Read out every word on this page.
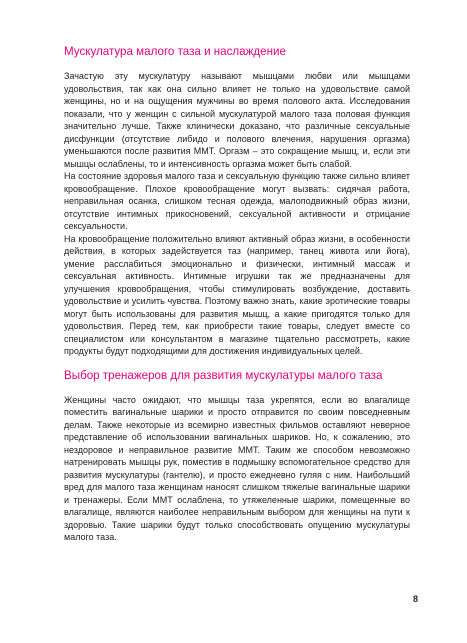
Мускулатура малого таза и наслаждение

Зачастую эту мускулатуру называют мышцами любви или мышцами удовольствия, так как она сильно влияет не только на удовольствие самой женщины, но и на ощущения мужчины во время полового акта. Исследования показали, что у женщин с сильной мускулатурой малого таза половая функция значительно лучше. Также клинически доказано, что различные сексуальные дисфункции (отсутствие либидо и полового влечения, нарушения оргазма) уменьшаются после развития ММТ. Оргазм – это сокращение мышц, и, если эти мышцы ослаблены, то и интенсивность оргазма может быть слабой.

На состояние здоровья малого таза и сексуальную функцию также сильно влияет кровообращение. Плохое кровообращение могут вызвать: сидячая работа, неправильная осанка, слишком тесная одежда, малоподвижный образ жизни, отсутствие интимных прикосновений, сексуальной активности и отрицание сексуальности.

На кровообращение положительно влияют активный образ жизни, в особенности действия, в которых задействуется таз (например, танец живота или йога), умение расслабиться эмоционально и физически, интимный массаж и сексуальная активность. Интимные игрушки так же предназначены для улучшения кровообращения, чтобы стимулировать возбуждение, доставить удовольствие и усилить чувства. Поэтому важно знать, какие эротические товары могут быть использованы для развития мышц, а какие пригодятся только для удовольствия. Перед тем, как приобрести такие товары, следует вместе со специалистом или консультантом в магазине тщательно рассмотреть, какие продукты будут подходящими для достижения индивидуальных целей.

Выбор тренажеров для развития мускулатуры малого таза

Женщины часто ожидают, что мышцы таза укрепятся, если во влагалище поместить вагинальные шарики и просто отправится по своим повседневным делам. Также некоторые из всемирно известных фильмов оставляют неверное представление об использовании вагинальных шариков. Но, к сожалению, это нездоровое и неправильное развитие ММТ. Таким же способом невозможно натренировать мышцы рук, поместив в подмышку вспомогательное средство для развития мускулатуры (гантелю), и просто ежедневно гуляя с ним. Наибольший вред для малого таза женщинам наносят слишком тяжелые вагинальные шарики и тренажеры. Если ММТ ослаблена, то утяжеленные шарики, помещенные во влагалище, являются наиболее неправильным выбором для женщины на пути к здоровью. Такие шарики будут только способствовать опущению мускулатуры малого таза.

8
